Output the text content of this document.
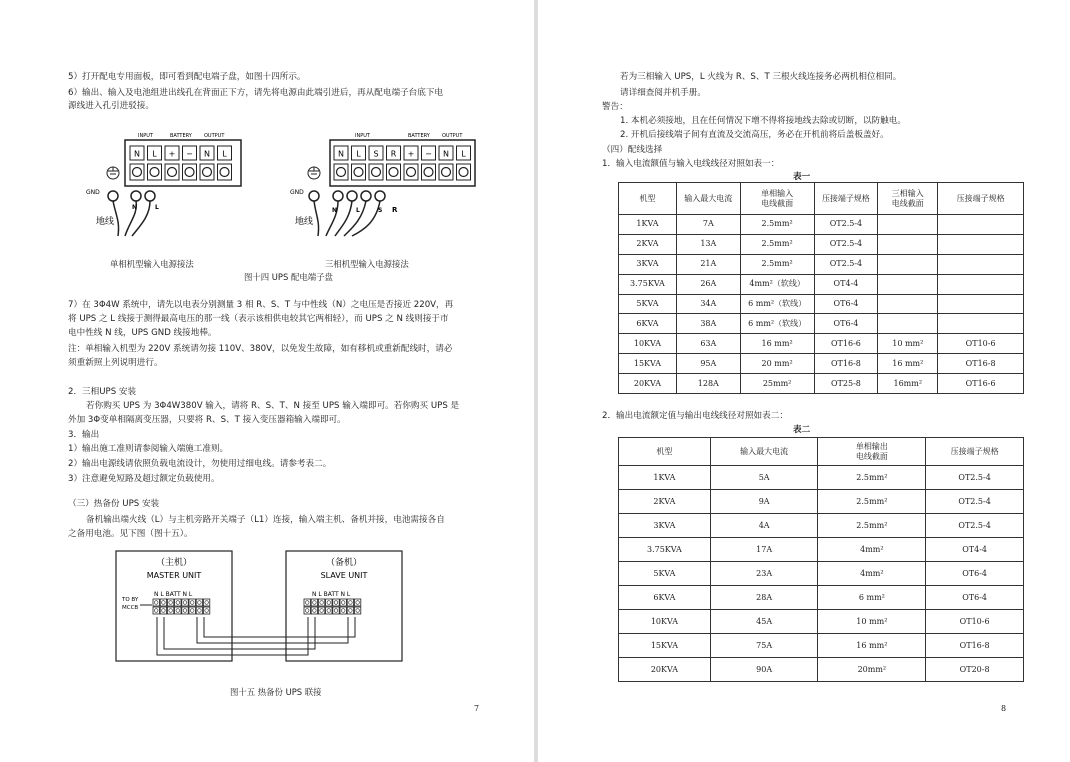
5）打开配电专用面板，即可看到配电端子盘，如图十四所示。
6）输出、输入及电池组进出线孔在背面正下方，请先将电源由此端引进后，再从配电端子台底下电
源线进入孔引进驳接。
INPUT	BATTERY OUTPUT
N L + − N L
GND
N	L
地线
INPUT	BATTERY OUTPUT
N L S R + − N L
GND
N	L	S R
地线
单相机型输入电源接法	三相机型输入电源接法
图十四 UPS 配电端子盘
7）在 3Φ4W 系统中，请先以电表分别测量 3 相 R、S、T 与中性线（N）之电压是否接近 220V，再
将 UPS 之 L 线接于测得最高电压的那一线（表示该相供电较其它两相轻），而 UPS 之 N 线则接于市
电中性线 N 线，UPS GND 线接地棒。
注：单相输入机型为 220V 系统请勿接 110V、380V，以免发生故障，如有移机或重新配线时，请必
须重新照上列说明进行。
2．三相UPS 安装
若你购买 UPS 为 3Φ4W380V 输入，请将 R、S、T、N 接至 UPS 输入端即可。若你购买 UPS 是
外加 3Φ变单相隔离变压器，只要将 R、S、T 接入变压器箱输入端即可。
3．输出
1）输出施工准则请参阅输入端施工准则。
2）输出电源线请依照负载电流设计，勿使用过细电线。请参考表二。
3）注意避免短路及超过额定负载使用。
（三）热备份 UPS 安装
备机输出端火线（L）与主机旁路开关端子（L1）连接，输入端主机、备机并接，电池需接各自
之备用电池。见下图（图十五）。
（主机）
MASTER UNIT
（备机）
SLAVE UNIT
TO BY
MCCB
N L BATT N L	N L BATT N L
图十五 热备份 UPS 联接
7
若为三相输入 UPS，L 火线为 R、S、T 三根火线连接务必两机相位相同。
请详细查阅并机手册。
警告：
1. 本机必须接地，且在任何情况下增不得将接地线去除或切断，以防触电。
2. 开机后接线端子间有直流及交流高压，务必在开机前将后盖板盖好。
（四）配线选择
1．输入电流额值与输入电线线径对照如表一：
表一
机型	输入最大电流	单相输入
电线截面	压接端子规格	三相输入
电线截面	压接端子规格
1KVA	7A	2.5mm²	OT2.5-4		
2KVA	13A	2.5mm²	OT2.5-4		
3KVA	21A	2.5mm²	OT2.5-4		
3.75KVA	26A	4mm²（软线）	OT4-4		
5KVA	34A	6 mm²（软线）	OT6-4		
6KVA	38A	6 mm²（软线）	OT6-4		
10KVA	63A	16 mm²	OT16-6	10 mm²	OT10-6
15KVA	95A	20 mm²	OT16-8	16 mm²	OT16-8
20KVA	128A	25mm²	OT25-8	16mm²	OT16-6
2．输出电流额定值与输出电线线径对照如表二：
表二
机型	输入最大电流	单相输出
电线截面	压接端子规格
1KVA	5A	2.5mm²	OT2.5-4
2KVA	9A	2.5mm²	OT2.5-4
3KVA	4A	2.5mm²	OT2.5-4
3.75KVA	17A	4mm²	OT4-4
5KVA	23A	4mm²	OT6-4
6KVA	28A	6 mm²	OT6-4
10KVA	45A	10 mm²	OT10-6
15KVA	75A	16 mm²	OT16-8
20KVA	90A	20mm²	OT20-8
8
